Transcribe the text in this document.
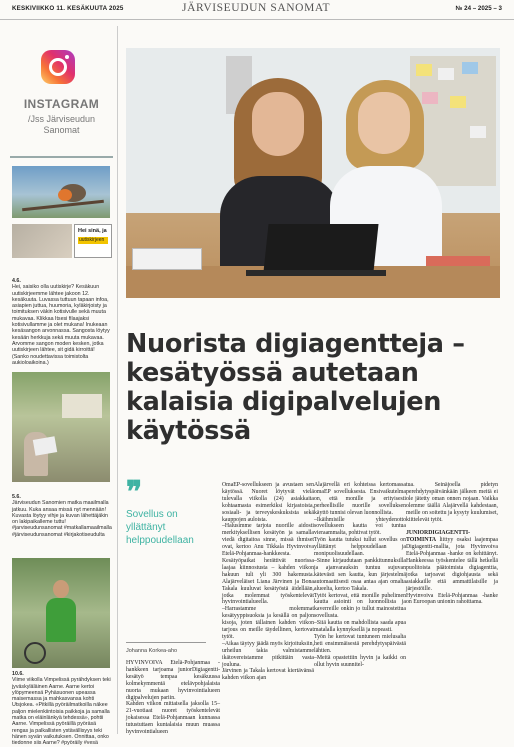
KESKIVIIKKO 11. KESÄKUUTA 2025	JÄRVISEUDUN SANOMAT	№ 24 – 2025 – 3
INSTAGRAM
/Jss Järviseudun Sanomat
Hei sinä, ja
uutiskirjeen
4.6.
Hei, saisiko olla uutiskirje? Kesäkuun uutiskirjeemme lähtee jakoon 12. kesäkuuta. Luvassa tuttuun tapaan infoa, asiapien juttua, huumoria, kyläkirjoisty ja toimituksen väkin kotisivulle sekä muuta mukavaa. Klikkaa Itsesi filaajaksi kotisivullamme ja olet mukana! Inukeaan kesäsangon arvonnassa. Sangosta löytyy kesään herkkuja sekä muuta mukavaa. Arvomme sangon moden kesken, jotka uutiskirjeen lähtee, sit gidä kirroittä! (Sanko noudettavissa toimistolta aukioloaikoina.)
5.6.
Järviseudun Sanomien matka maailmalla jatkuu. Kuka ansaa missä nyt mennään! Kuvasta löytyy vihje ja kuvan lähettäjäkin on lakipaikalleme tuttu! #jarviseudunsanomat #matkallamaailmalla #järviseudunsanomat #kirjakotiseudulta
10.6.
Viime viikolla Vimpelissä pyrähdyksen teki jyväskyläläinen Aarne. Aarne kertoi ylöpymeensä Pyhäsuonen upeassa maisemassa ja mahkasvansa kohti Utsjokea. «Pitkillä pyöräilmatkoilla näkee paljon mielenkiintoisia paikkoja ja samalla matka on eläinlänkyä tehdessä», pohtii Aarne. Vimpelissä pyöräillä pyöräsä rengas ja palkallisten ystävällisyys teki hänen syvän vaikutuksen. Onnittaa, onko tiedonne siis Aarne? #pyöräily #vesä
Nuorista digiagentteja – kesätyössä autetaan kalaisia digipalvelujen käytössä
❞
Sovellus on yllättänyt helppoudellaan
Johanna Korkea-aho
HYVINVOIVA Etelä-Pohjanmaa -hankkeen tarjoama juniorDigiagentti-kesätyö tempaa kesäkuussa kolmekymmentä etelävpohjalaista nuorta mukaan hyvinvointialueen digipalvelujen pariin.
Kahden viikon mittaisella jaksolla 15–21-vuotiaat nuoret työskentelevät jokaisessa Etelä-Pohjanmaan kunnassa tutustuttaen kuntalaisia muun muassa hyvinvointialueen
OmaEP-sovellukseen ja avustaen sen käytössä. Nuoret löytyvät vielä tulevalla viikolla (24) asiakkaita kohtaamasta esimerkiksi kirjastoista, sosiaali- ja terveyskeskuksista sekä kauppojen auloista.
–Halusimme tarjota nuorille aidosti merkityksellisen kesätyön ja samalla viedä digitaitoa sinne, missä ihmiset ovat, kertoo Anu Tikkala Hyvinvoiva Etelä-Pohjanmaa-hankkeesta.
Kesätyöpaikat herättivät nuorissa laajaa kiinnostusta – kahden viikon hakuun tuli yli 300 hakemusta. Alajärveläiset Liana Järvinen ja Bona Takala kuuluvat kesätyöstä äidellään, jotka molemmat työskentelevät hyvinvointialueella.
–Harrastamme molemmat kesätyyppisuoksia ja kesällä on paljon kisoja, joten tällainen kahden viikon tarjous on meille täydellinen, kertovat tytöt.
–Aikaa täytyy jäädä myös kirjoituksiin, urheilun takia valmistamme ikätovereistamme pitkittäin vasta jouluna.
Järvinen ja Takala kertovat kiertävänsä kahden viikon ajan
Alajärvellä eri kohteissa kertomassa omaEP sovelluksesta. Ensivaikutelma on, että monille ja erityisesti perheellisille nuorille sovelluksen käyttö tunnisi olevan luonnollista.
–Ikäihmisille yhteydenotto sovellukseen kautta voi tuntua vieraammalta, pohtivat tytöt.
Työn kautta tutuksi tullut sovellus on yllättänyt helppoudellaan ja monipuolisuudellaan.
–Sinne kirjaudutaan pankkitunnuksilla ja ajanvarauksin tuntuu sujuvan kätevästi sen kautta, kun järjestelmä automaattisesti osaa antaa ajan omalta alueelta, kertoo Takala.
Tytöt kertovat, että monille puhelimen kautta asiointi on luonnollista ja kaverreille onkin jo tullut mainostettua sovellusta.
–Siiä kautta on mahdollista saada apua matalalla kynnyksellä ja nopeasti.
Työn he kertovat tuntuneen mielusalta heti ensimmäisestä perehdytyspäivästä lähtien.
–Meitä opastettiin hyvin ja kaikki on ollut hyvin suunnitel-
tua. Seinäjoella pidetyn perehdytyspäivänkään jälkeen meitä ei ole jätetty oman onnen nojaan. Vaikka olemme täällä Alajärvellä kahdestaan, meille on soitettu ja kysyty kuulumiset, kiittelevät tytöt.

JUNIORDIGIAGENTTI-TOIMINTA liittyy osaksi laajempaa Digiagentti-mallia, jota Hyvinvoiva Etelä-Pohjanmaa -hanke on kehittänyt. Hankkeessa työskentelee tällä hetkellä puolitoista päätoimista digiagenttia, jotka tarjoavat digiohjausta sekä asiakkaille että ammattilaisille ja järjestöille.
Hyvinvoiva Etelä-Pohjanmaa -hanke on Euroopan unionin rahoittama.
